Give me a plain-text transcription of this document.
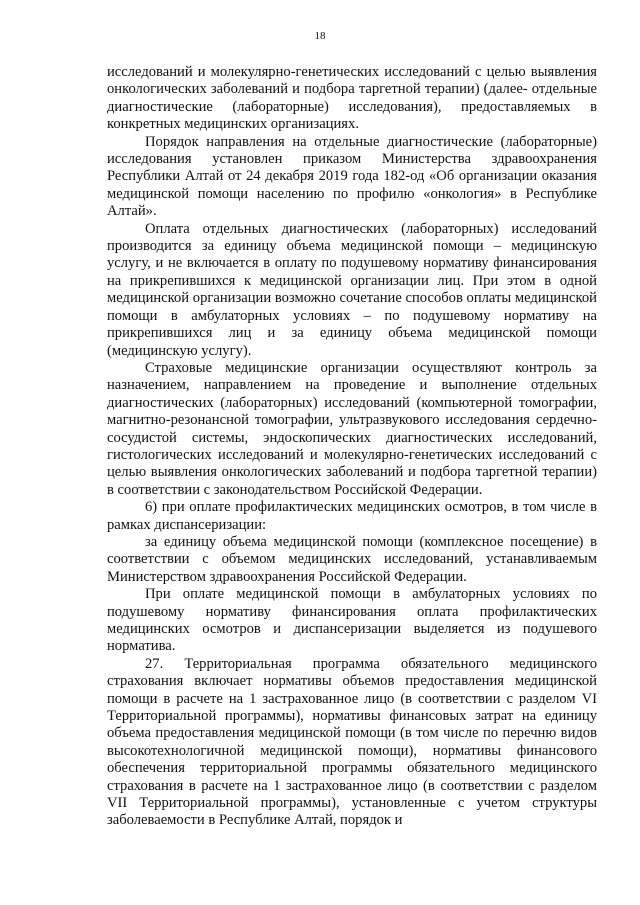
18

исследований и молекулярно-генетических исследований с целью выявления онкологических заболеваний и подбора таргетной терапии) (далее- отдельные диагностические (лабораторные) исследования), предоставляемых в конкретных медицинских организациях.

Порядок направления на отдельные диагностические (лабораторные) исследования установлен приказом Министерства здравоохранения Республики Алтай от 24 декабря 2019 года 182-од «Об организации оказания медицинской помощи населению по профилю «онкология» в Республике Алтай».

Оплата отдельных диагностических (лабораторных) исследований производится за единицу объема медицинской помощи – медицинскую услугу, и не включается в оплату по подушевому нормативу финансирования на прикрепившихся к медицинской организации лиц. При этом в одной медицинской организации возможно сочетание способов оплаты медицинской помощи в амбулаторных условиях – по подушевому нормативу на прикрепившихся лиц и за единицу объема медицинской помощи (медицинскую услугу).

Страховые медицинские организации осуществляют контроль за назначением, направлением на проведение и выполнение отдельных диагностических (лабораторных) исследований (компьютерной томографии, магнитно-резонансной томографии, ультразвукового исследования сердечно-сосудистой системы, эндоскопических диагностических исследований, гистологических исследований и молекулярно-генетических исследований с целью выявления онкологических заболеваний и подбора таргетной терапии) в соответствии с законодательством Российской Федерации.

6) при оплате профилактических медицинских осмотров, в том числе в рамках диспансеризации:

за единицу объема медицинской помощи (комплексное посещение) в соответствии с объемом медицинских исследований, устанавливаемым Министерством здравоохранения Российской Федерации.

При оплате медицинской помощи в амбулаторных условиях по подушевому нормативу финансирования оплата профилактических медицинских осмотров и диспансеризации выделяется из подушевого норматива.

27. Территориальная программа обязательного медицинского страхования включает нормативы объемов предоставления медицинской помощи в расчете на 1 застрахованное лицо (в соответствии с разделом VI Территориальной программы), нормативы финансовых затрат на единицу объема предоставления медицинской помощи (в том числе по перечню видов высокотехнологичной медицинской помощи), нормативы финансового обеспечения территориальной программы обязательного медицинского страхования в расчете на 1 застрахованное лицо (в соответствии с разделом VII Территориальной программы), установленные с учетом структуры заболеваемости в Республике Алтай, порядок и
